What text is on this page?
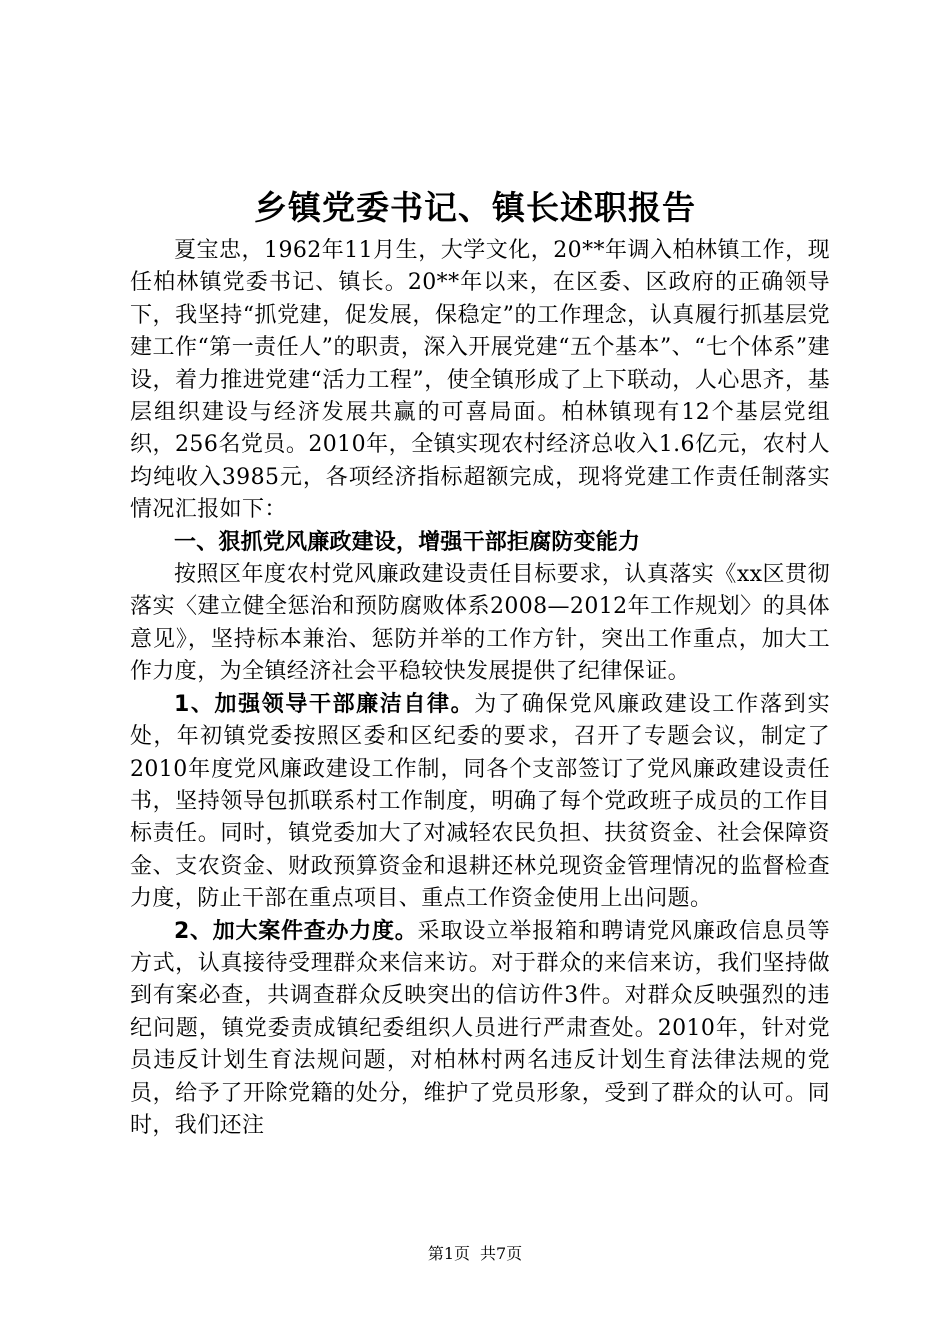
乡镇党委书记、镇长述职报告

夏宝忠，1962年11月生，大学文化，20**年调入柏林镇工作，现任柏林镇党委书记、镇长。20**年以来，在区委、区政府的正确领导下，我坚持“抓党建，促发展，保稳定”的工作理念，认真履行抓基层党建工作“第一责任人”的职责，深入开展党建“五个基本”、“七个体系”建设，着力推进党建“活力工程”，使全镇形成了上下联动，人心思齐，基层组织建设与经济发展共赢的可喜局面。柏林镇现有12个基层党组织，256名党员。2010年，全镇实现农村经济总收入1.6亿元，农村人均纯收入3985元，各项经济指标超额完成，现将党建工作责任制落实情况汇报如下：

一、狠抓党风廉政建设，增强干部拒腐防变能力

按照区年度农村党风廉政建设责任目标要求，认真落实《xx区贯彻落实〈建立健全惩治和预防腐败体系2008—2012年工作规划〉的具体意见》，坚持标本兼治、惩防并举的工作方针，突出工作重点，加大工作力度，为全镇经济社会平稳较快发展提供了纪律保证。

1、加强领导干部廉洁自律。为了确保党风廉政建设工作落到实处，年初镇党委按照区委和区纪委的要求，召开了专题会议，制定了2010年度党风廉政建设工作制，同各个支部签订了党风廉政建设责任书，坚持领导包抓联系村工作制度，明确了每个党政班子成员的工作目标责任。同时，镇党委加大了对减轻农民负担、扶贫资金、社会保障资金、支农资金、财政预算资金和退耕还林兑现资金管理情况的监督检查力度，防止干部在重点项目、重点工作资金使用上出问题。

2、加大案件查办力度。采取设立举报箱和聘请党风廉政信息员等方式，认真接待受理群众来信来访。对于群众的来信来访，我们坚持做到有案必查，共调查群众反映突出的信访件3件。对群众反映强烈的违纪问题，镇党委责成镇纪委组织人员进行严肃查处。2010年，针对党员违反计划生育法规问题，对柏林村两名违反计划生育法律法规的党员，给予了开除党籍的处分，维护了党员形象，受到了群众的认可。同时，我们还注

第1页 共7页
